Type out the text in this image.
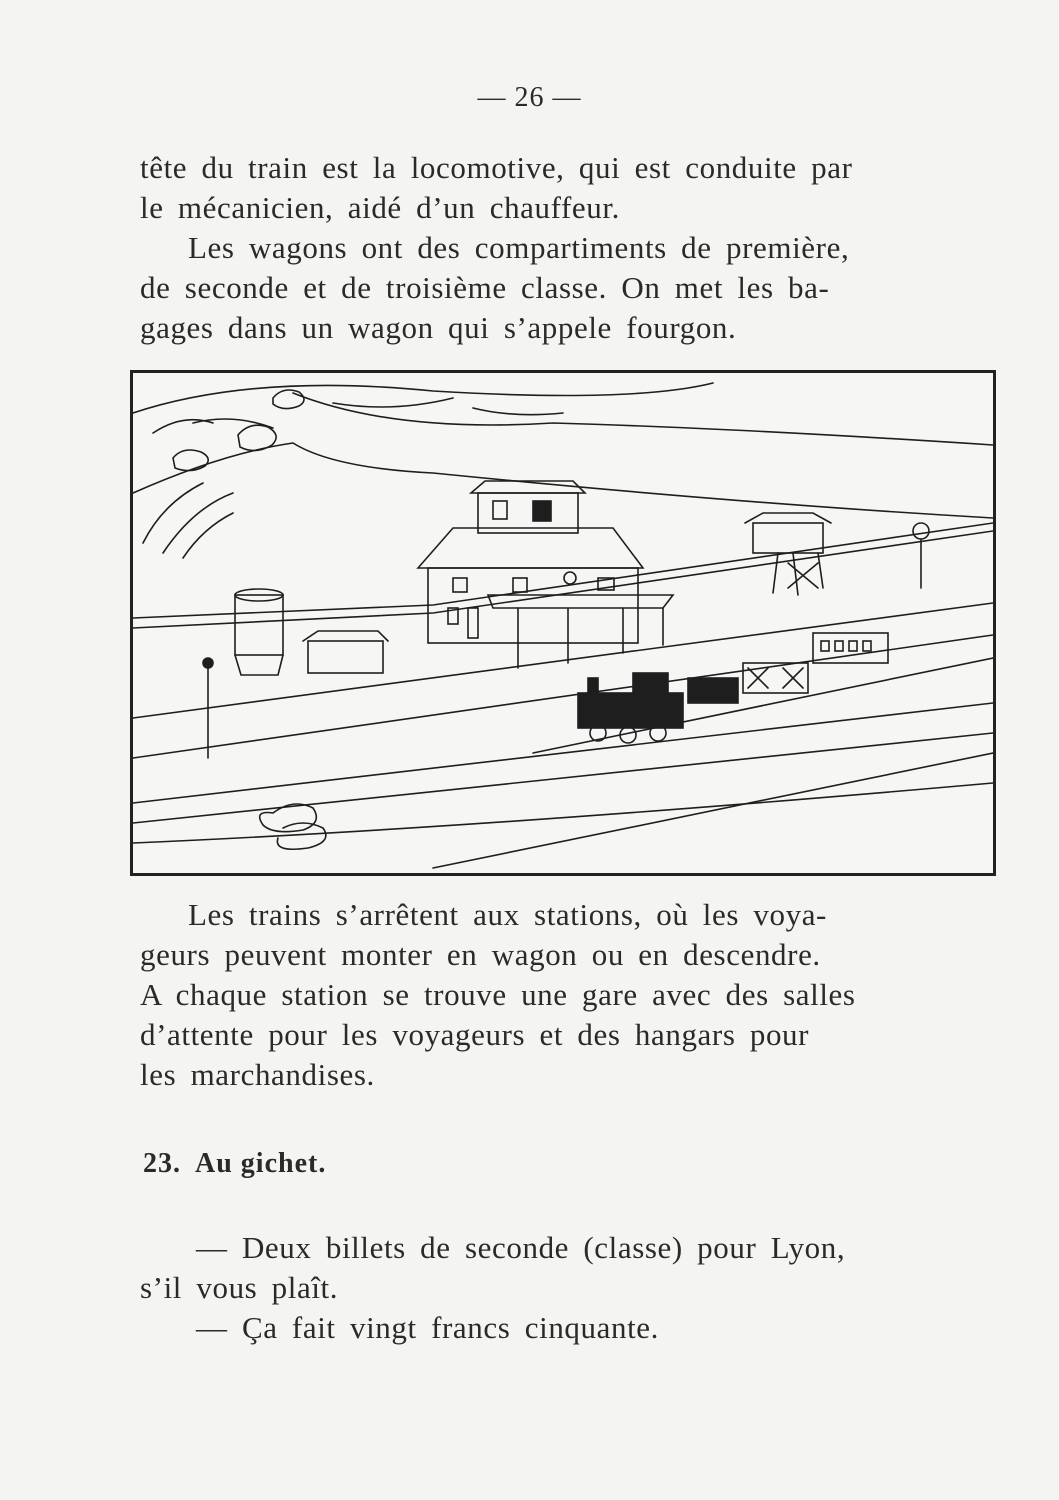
— 26 —
tête du train est la locomotive, qui est conduite par
le mécanicien, aidé d’un chauffeur.
Les wagons ont des compartiments de première,
de seconde et de troisième classe. On met les ba-
gages dans un wagon qui s’appele fourgon.
Les trains s’arrêtent aux stations, où les voya-
geurs peuvent monter en wagon ou en descendre.
A chaque station se trouve une gare avec des salles
d’attente pour les voyageurs et des hangars pour
les marchandises.
23. Au gichet.
— Deux billets de seconde (classe) pour Lyon,
s’il vous plaît.
— Ça fait vingt francs cinquante.
